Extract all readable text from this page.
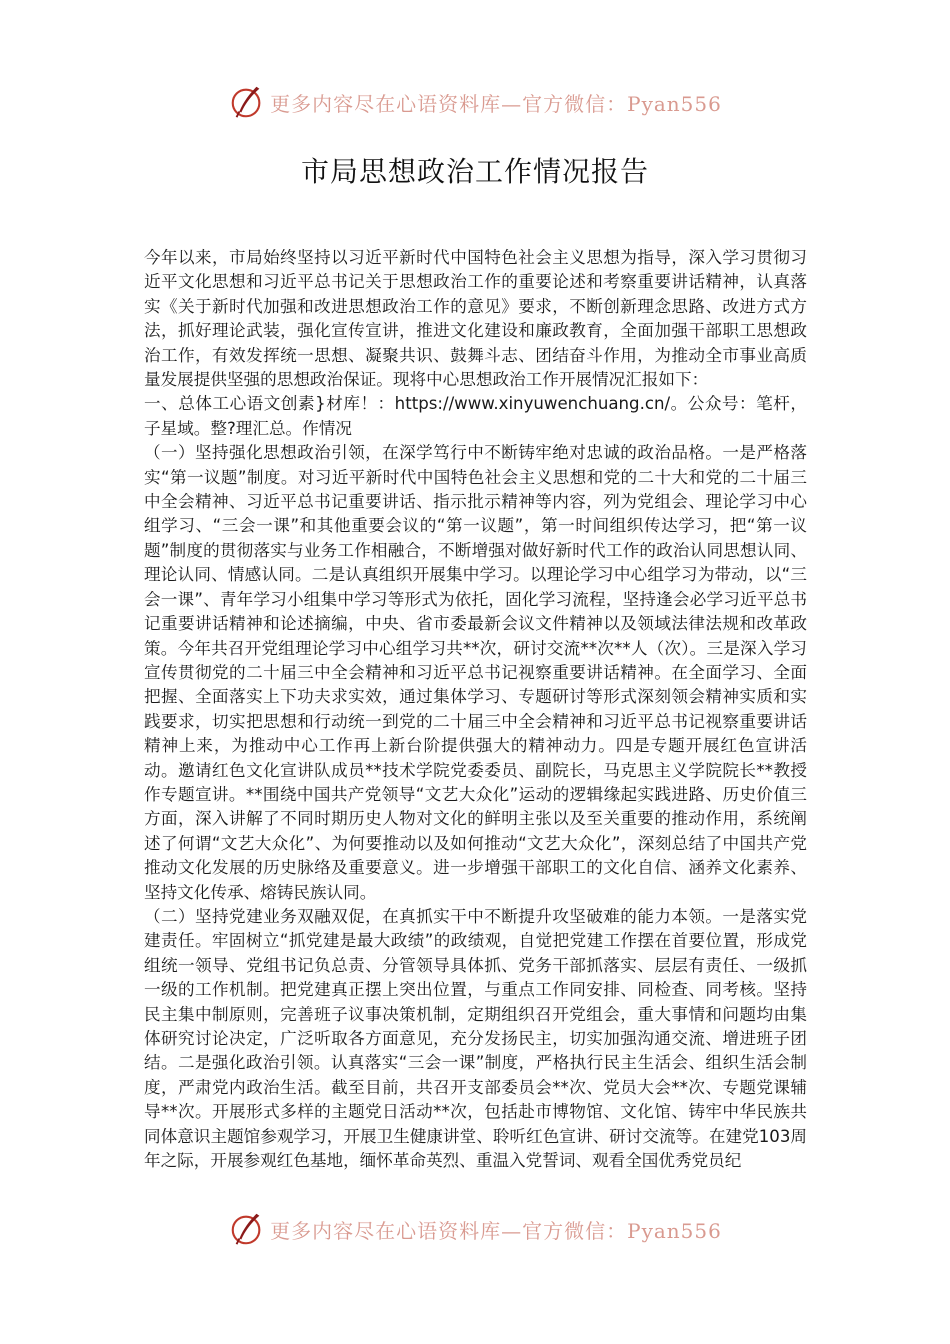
更多内容尽在心语资料库—官方微信：Pyan556
市局思想政治工作情况报告

今年以来，市局始终坚持以习近平新时代中国特色社会主义思想为指导，深入学习贯彻习近平文化思想和习近平总书记关于思想政治工作的重要论述和考察重要讲话精神，认真落实《关于新时代加强和改进思想政治工作的意见》要求，不断创新理念思路、改进方式方法，抓好理论武装，强化宣传宣讲，推进文化建设和廉政教育，全面加强干部职工思想政治工作，有效发挥统一思想、凝聚共识、鼓舞斗志、团结奋斗作用，为推动全市事业高质量发展提供坚强的思想政治保证。现将中心思想政治工作开展情况汇报如下：

一、总体工心语文创素}材库！：https://www.xinyuwenchuang.cn/。公众号：笔杆，子星域。整?理汇总。作情况

（一）坚持强化思想政治引领，在深学笃行中不断铸牢绝对忠诚的政治品格。一是严格落实“第一议题”制度。对习近平新时代中国特色社会主义思想和党的二十大和党的二十届三中全会精神、习近平总书记重要讲话、指示批示精神等内容，列为党组会、理论学习中心组学习、“三会一课”和其他重要会议的“第一议题”，第一时间组织传达学习，把“第一议题”制度的贯彻落实与业务工作相融合，不断增强对做好新时代工作的政治认同思想认同、理论认同、情感认同。二是认真组织开展集中学习。以理论学习中心组学习为带动，以“三会一课”、青年学习小组集中学习等形式为依托，固化学习流程，坚持逢会必学习近平总书记重要讲话精神和论述摘编，中央、省市委最新会议文件精神以及领域法律法规和改革政策。今年共召开党组理论学习中心组学习共**次，研讨交流**次**人（次）。三是深入学习宣传贯彻党的二十届三中全会精神和习近平总书记视察重要讲话精神。在全面学习、全面把握、全面落实上下功夫求实效，通过集体学习、专题研讨等形式深刻领会精神实质和实践要求，切实把思想和行动统一到党的二十届三中全会精神和习近平总书记视察重要讲话精神上来，为推动中心工作再上新台阶提供强大的精神动力。四是专题开展红色宣讲活动。邀请红色文化宣讲队成员**技术学院党委委员、副院长，马克思主义学院院长**教授作专题宣讲。**围绕中国共产党领导“文艺大众化”运动的逻辑缘起实践进路、历史价值三方面，深入讲解了不同时期历史人物对文化的鲜明主张以及至关重要的推动作用，系统阐述了何谓“文艺大众化”、为何要推动以及如何推动“文艺大众化”，深刻总结了中国共产党推动文化发展的历史脉络及重要意义。进一步增强干部职工的文化自信、涵养文化素养、坚持文化传承、熔铸民族认同。

（二）坚持党建业务双融双促，在真抓实干中不断提升攻坚破难的能力本领。一是落实党建责任。牢固树立“抓党建是最大政绩”的政绩观，自觉把党建工作摆在首要位置，形成党组统一领导、党组书记负总责、分管领导具体抓、党务干部抓落实、层层有责任、一级抓一级的工作机制。把党建真正摆上突出位置，与重点工作同安排、同检查、同考核。坚持民主集中制原则，完善班子议事决策机制，定期组织召开党组会，重大事情和问题均由集体研究讨论决定，广泛听取各方面意见，充分发扬民主，切实加强沟通交流、增进班子团结。二是强化政治引领。认真落实“三会一课”制度，严格执行民主生活会、组织生活会制度，严肃党内政治生活。截至目前，共召开支部委员会**次、党员大会**次、专题党课辅导**次。开展形式多样的主题党日活动**次，包括赴市博物馆、文化馆、铸牢中华民族共同体意识主题馆参观学习，开展卫生健康讲堂、聆听红色宣讲、研讨交流等。在建党103周年之际，开展参观红色基地，缅怀革命英烈、重温入党誓词、观看全国优秀党员纪

更多内容尽在心语资料库—官方微信：Pyan556
